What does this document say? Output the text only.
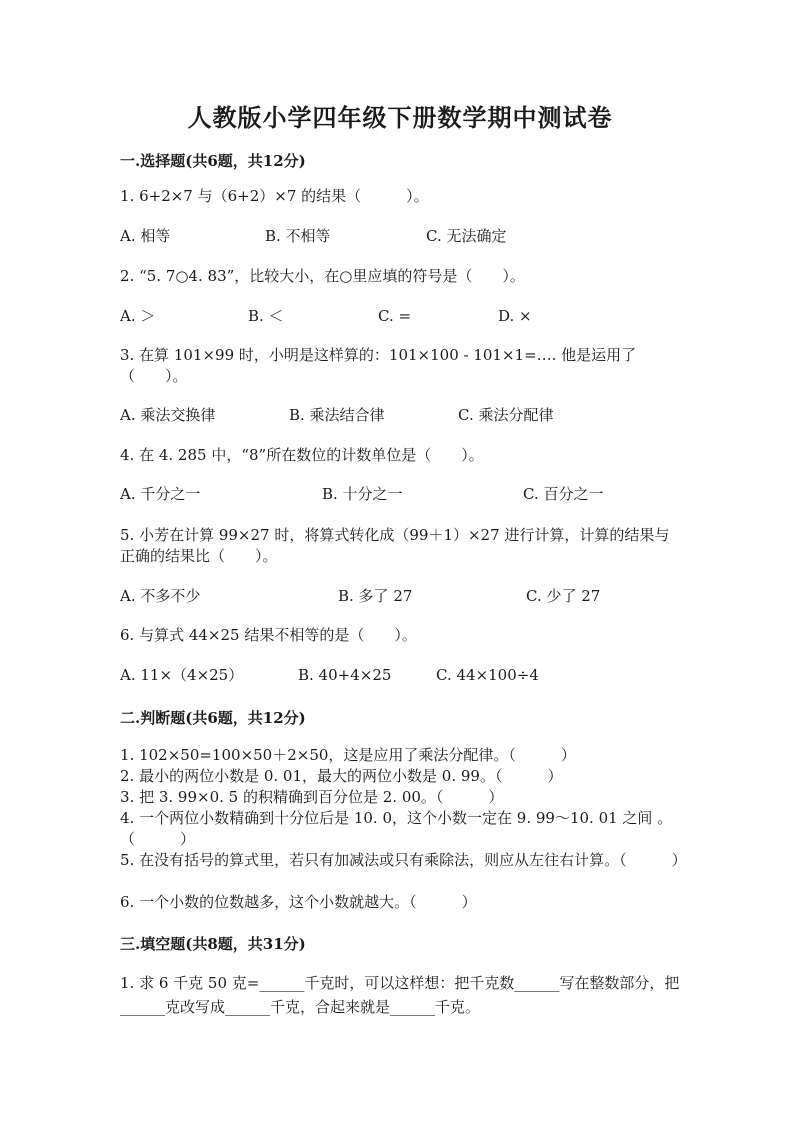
人教版小学四年级下册数学期中测试卷
一.选择题(共6题，共12分)
1. 6+2×7 与（6+2）×7 的结果（　　　）。
A. 相等	B. 不相等	C. 无法确定
2. “5. 7○4. 83”，比较大小，在○里应填的符号是（　　）。
A. ＞	B. ＜	C. =	D. ×
3. 在算 101×99 时，小明是这样算的：101×100 - 101×1=…. 他是运用了（　　）。
A. 乘法交换律	B. 乘法结合律	C. 乘法分配律
4. 在 4. 285 中，“8”所在数位的计数单位是（　　）。
A. 千分之一	B. 十分之一	C. 百分之一
5. 小芳在计算 99×27 时，将算式转化成（99＋1）×27 进行计算，计算的结果与正确的结果比（　　）。
A. 不多不少	B. 多了 27	C. 少了 27
6. 与算式 44×25 结果不相等的是（　　）。
A. 11×（4×25）	B. 40+4×25	C. 44×100÷4
二.判断题(共6题，共12分)
1. 102×50=100×50＋2×50，这是应用了乘法分配律。（　　　）
2. 最小的两位小数是 0. 01，最大的两位小数是 0. 99。（　　　）
3. 把 3. 99×0. 5 的积精确到百分位是 2. 00。（　　　）
4. 一个两位小数精确到十分位后是 10. 0，这个小数一定在 9. 99～10. 01 之间 。（　　　）
5. 在没有括号的算式里，若只有加减法或只有乘除法，则应从左往右计算。（　　　）
6. 一个小数的位数越多，这个小数就越大。（　　　）
三.填空题(共8题，共31分)
1. 求 6 千克 50 克=______千克时，可以这样想：把千克数______写在整数部分，把______克改写成______千克，合起来就是______千克。
